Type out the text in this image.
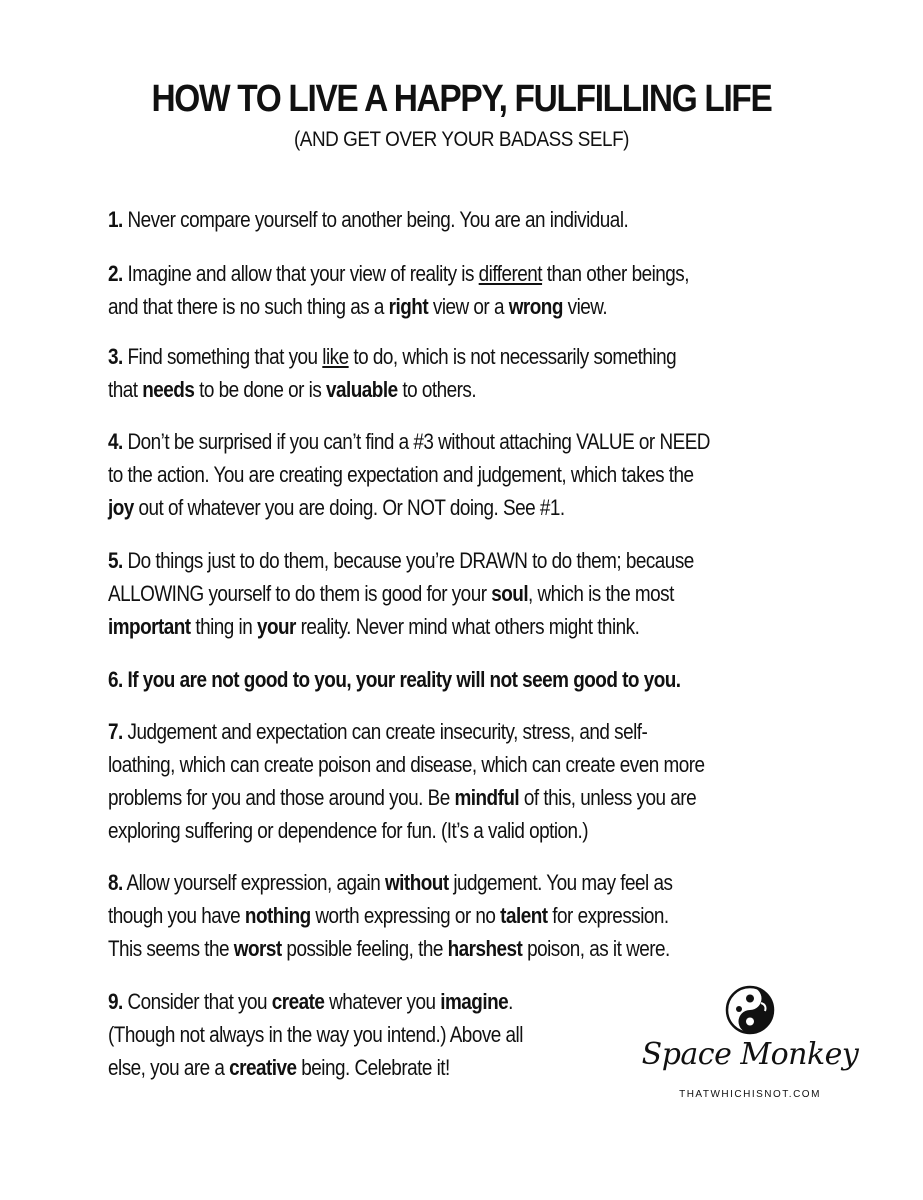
HOW TO LIVE A HAPPY, FULFILLING LIFE
(AND GET OVER YOUR BADASS SELF)
1. Never compare yourself to another being. You are an individual.
2. Imagine and allow that your view of reality is different than other beings,
and that there is no such thing as a right view or a wrong view.
3. Find something that you like to do, which is not necessarily something
that needs to be done or is valuable to others.
4. Don’t be surprised if you can’t find a #3 without attaching VALUE or NEED
to the action. You are creating expectation and judgement, which takes the
joy out of whatever you are doing. Or NOT doing. See #1.
5. Do things just to do them, because you’re DRAWN to do them; because
ALLOWING yourself to do them is good for your soul, which is the most
important thing in your reality. Never mind what others might think.
6. If you are not good to you, your reality will not seem good to you.
7. Judgement and expectation can create insecurity, stress, and self-
loathing, which can create poison and disease, which can create even more
problems for you and those around you. Be mindful of this, unless you are
exploring suffering or dependence for fun. (It’s a valid option.)
8. Allow yourself expression, again without judgement. You may feel as
though you have nothing worth expressing or no talent for expression.
This seems the worst possible feeling, the harshest poison, as it were.
9. Consider that you create whatever you imagine.
(Though not always in the way you intend.) Above all
else, you are a creative being. Celebrate it!	Space Monkey
THATWHICHISNOT.COM
